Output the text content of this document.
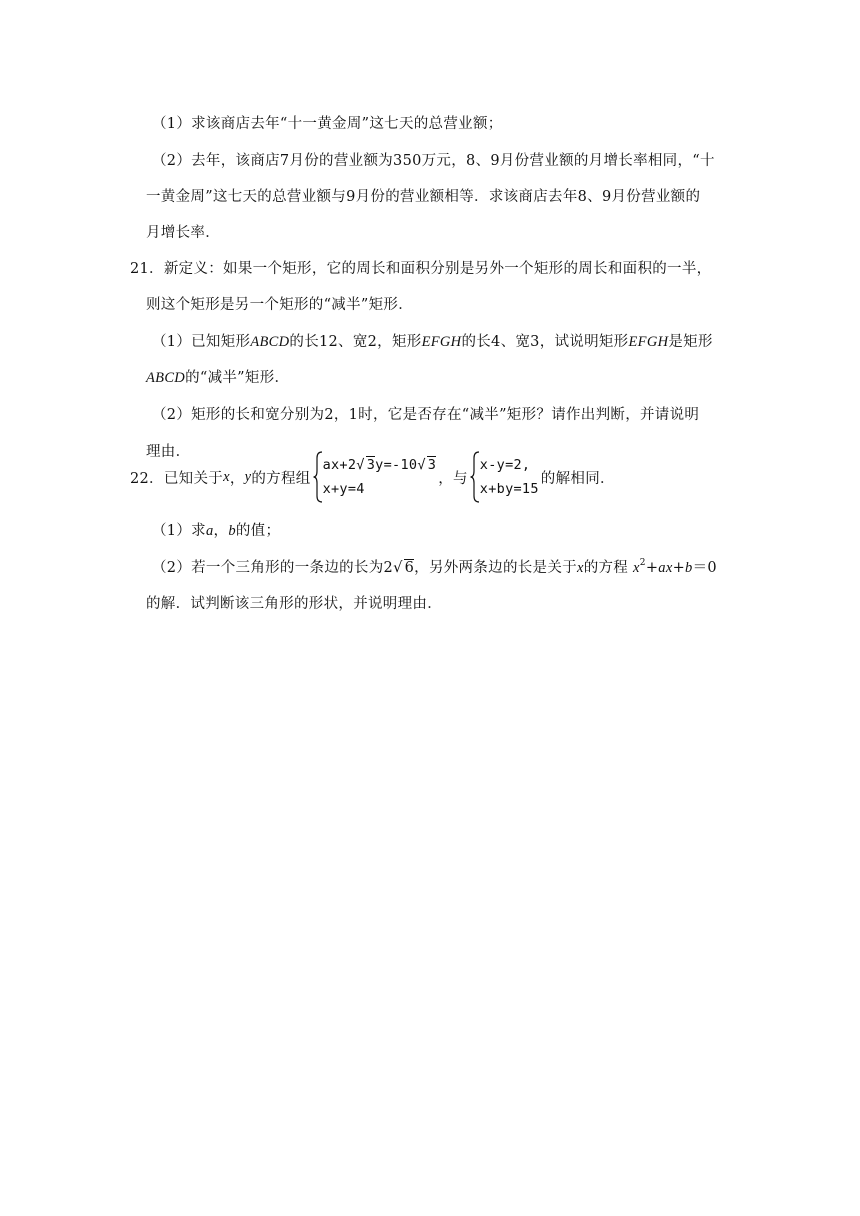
（1）求该商店去年“十一黄金周”这七天的总营业额；
（2）去年，该商店7月份的营业额为350万元，8、9月份营业额的月增长率相同，“十
一黄金周”这七天的总营业额与9月份的营业额相等．求该商店去年8、9月份营业额的
月增长率．
21．新定义：如果一个矩形，它的周长和面积分别是另外一个矩形的周长和面积的一半，
则这个矩形是另一个矩形的“减半”矩形．
（1）已知矩形ABCD的长12、宽2，矩形EFGH的长4、宽3，试说明矩形EFGH是矩形
ABCD的“减半”矩形．
（2）矩形的长和宽分别为2，1时，它是否存在“减半”矩形？请作出判断，并请说明
理由．
22． 已知关于 x ， y 的方程组
ax+2√ 3y=-10√ 3
x+y=4
，与
x-y=2,
x+by=15
的解相同．
（1）求a，b的值；
（2）若一个三角形的一条边的长为2√ 6，另外两条边的长是关于x的方程 $x^2+ax+b=0$
的解．试判断该三角形的形状，并说明理由．
